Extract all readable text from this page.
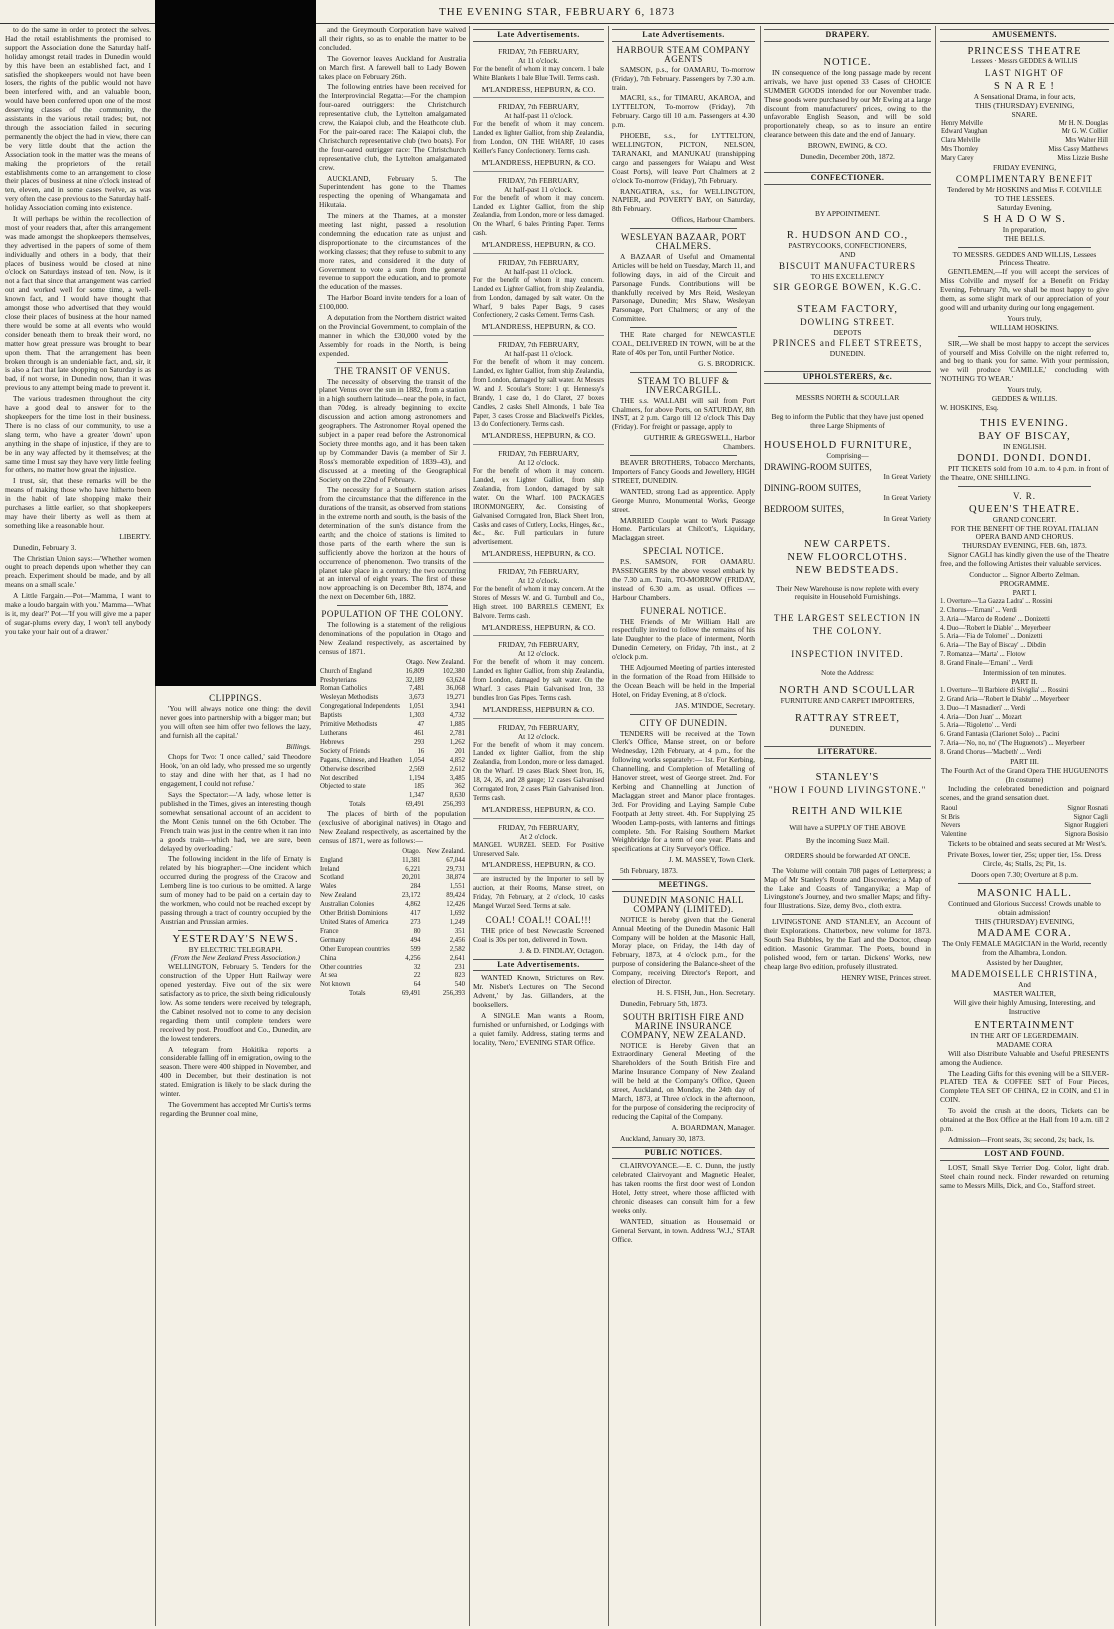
THE EVENING STAR, FEBRUARY 6, 1873

to do the same in order to protect the selves. Had the retail establishments the promised to support the Association done the Saturday half-holiday amongst retail trades in Dunedin would by this have been an established fact, and I satisfied the shopkeepers would not have been losers, the rights of the public would not have been interfered with, and an valuable boon, would have been conferred upon one of the most deserving classes of the community, the assistants in the various retail trades; but, not through the association failed in securing permanently the object the had in view, there can be very little doubt that the action the Association took in the matter was the means of making the proprietors of the retail establishments come to an arrangement to close their places of business at nine o'clock instead of ten, eleven, and in some cases twelve, as was very often the case previous to the Saturday half-holiday Association coming into existence.

It will perhaps be within the recollection of most of your readers that, after this arrangement was made amongst the shopkeepers themselves, they advertised in the papers of some of them individually and others in a body, that their places of business would be closed at nine o'clock on Saturdays instead of ten. Now, is it not a fact that since that arrangement was carried out and worked well for some time, a well-known fact, and I would have thought that amongst those who advertised that they would close their places of business at the hour named there would be some at all events who would consider beneath them to break their word, no matter how great pressure was brought to bear upon them. That the arrangement has been broken through is an undeniable fact, and, sir, it is also a fact that late shopping on Saturday is as bad, if not worse, in Dunedin now, than it was previous to any attempt being made to prevent it.

The various tradesmen throughout the city have a good deal to answer for to the shopkeepers for the time lost in their business. There is no class of our community, to use a slang term, who have a greater 'down' upon anything in the shape of injustice, if they are to be in any way affected by it themselves; at the same time I must say they have very little feeling for others, no matter how great the injustice.

I trust, sir, that these remarks will be the means of making those who have hitherto been in the habit of late shopping make their purchases a little earlier, so that shopkeepers may have their liberty as well as them at something like a reasonable hour.

LIBERTY.

Dunedin, February 3.

The Christian Union says:—'Whether women ought to preach depends upon whether they can preach. Experiment should be made, and by all means on a small scale.'

A Little Fargain.—Pot—'Mamma, I want to make a loudo bargain with you.' Mamma—'What is it, my dear?' Pot—'If you will give me a paper of sugar-plums every day, I won't tell anybody you take your hair out of a drawer.'

and the Greymouth Corporation have waived all their rights, so as to enable the matter to be concluded.

The Governor leaves Auckland for Australia on March first. A farewell ball to Lady Bowen takes place on February 26th.

The following entries have been received for the Interprovincial Regatta:—For the champion four-oared outriggers: the Christchurch representative club, the Lyttelton amalgamated crew, the Kaiapoi club, and the Heathcote club. For the pair-oared race: The Kaiapoi club, the Christchurch representative club (two boats). For the four-oared outrigger race: The Christchurch representative club, the Lyttelton amalgamated crew.

AUCKLAND, February 5. The Superintendent has gone to the Thames respecting the opening of Whangamata and Hikutaia.

The miners at the Thames, at a monster meeting last night, passed a resolution condemning the education rate as unjust and disproportionate to the circumstances of the working classes; that they refuse to submit to any more rates, and considered it the duty of Government to vote a sum from the general revenue to support the education, and to promote the education of the masses.

The Harbor Board invite tenders for a loan of £100,000.

A deputation from the Northern district waited on the Provincial Government, to complain of the manner in which the £30,000 voted by the Assembly for roads in the North, is being expended.

THE TRANSIT OF VENUS.

The necessity of observing the transit of the planet Venus over the sun in 1882, from a station in a high southern latitude—near the pole, in fact, than 70deg. is already beginning to excite discussion and action among astronomers and geographers. The Astronomer Royal opened the subject in a paper read before the Astronomical Society three months ago, and it has been taken up by Commander Davis (a member of Sir J. Ross's memorable expedition of 1839–43), and discussed at a meeting of the Geographical Society on the 22nd of February.

The necessity for a Southern station arises from the circumstance that the difference in the durations of the transit, as observed from stations in the extreme north and south, is the basis of the determination of the sun's distance from the earth; and the choice of stations is limited to those parts of the earth where the sun is sufficiently above the horizon at the hours of occurrence of phenomenon. Two transits of the planet take place in a century; the two occurring at an interval of eight years. The first of these now approaching is on December 8th, 1874, and the next on December 6th, 1882.

POPULATION OF THE COLONY.

The following is a statement of the religious denominations of the population in Otago and New Zealand respectively, as ascertained by census of 1871.

	Otago.	New Zealand.
Church of England	16,809	102,380
Presbyterians	32,189	63,624
Roman Catholics	7,481	36,068
Wesleyan Methodists	3,673	19,271
Congregational Independents	1,051	3,941
Baptists	1,303	4,732
Primitive Methodists	47	1,885
Lutherans	461	2,781
Hebrews	293	1,262
Society of Friends	16	201
Pagans, Chinese, and Heathen	1,054	4,852
Otherwise described	2,569	2,612
Not described	1,194	3,485
Objected to state	185	362
	1,347	8,630
Totals	69,491	256,393

The places of birth of the population (exclusive of aboriginal natives) in Otago and New Zealand respectively, as ascertained by the census of 1871, were as follows:—

	Otago.	New Zealand.
England	11,381	67,044
Ireland	6,221	29,731
Scotland	20,201	38,874
Wales	284	1,551
New Zealand	23,172	89,424
Australian Colonies	4,862	12,426
Other British Dominions	417	1,692
United States of America	273	1,249
France	80	351
Germany	494	2,456
Other European countries	599	2,582
China	4,256	2,641
Other countries	32	231
At sea	22	823
Not known	64	540
Totals	69,491	256,393
CLIPPINGS.

'You will always notice one thing: the devil never goes into partnership with a bigger man; but you will often see him offer two fellows the lazy, and furnish all the capital.'

Billings.

Chops for Two: 'I once called,' said Theodore Hook, 'on an old lady, who pressed me so urgently to stay and dine with her that, as I had no engagement, I could not refuse.'

Says the Spectator:—'A lady, whose letter is published in the Times, gives an interesting though somewhat sensational account of an accident to the Mont Cenis tunnel on the 6th October. The French train was just in the centre when it ran into a goods train—which had, we are sure, been delayed by overloading.'

The following incident in the life of Ernaty is related by his biographer:—One incident which occurred during the progress of the Cracow and Lemberg line is too curious to be omitted. A large sum of money had to be paid on a certain day to the workmen, who could not be reached except by passing through a tract of country occupied by the Austrian and Prussian armies.

YESTERDAY'S NEWS.
BY ELECTRIC TELEGRAPH.
(From the New Zealand Press Association.)

WELLINGTON, February 5. Tenders for the construction of the Upper Hutt Railway were opened yesterday. Five out of the six were satisfactory as to price, the sixth being ridiculously low. As some tenders were received by telegraph, the Cabinet resolved not to come to any decision regarding them until complete tenders were received by post. Proudfoot and Co., Dunedin, are the lowest tenderers.

A telegram from Hokitika reports a considerable falling off in emigration, owing to the season. There were 400 shipped in November, and 400 in December, but their destination is not stated. Emigration is likely to be slack during the winter.

The Government has accepted Mr Curtis's terms regarding the Brunner coal mine,

Late Advertisements.
FRIDAY, 7th FEBRUARY,
At 11 o'clock.

For the benefit of whom it may concern. 1 bale White Blankets 1 bale Blue Twill. Terms cash.

M'LANDRESS, HEPBURN, & CO.
FRIDAY, 7th FEBRUARY,
At half-past 11 o'clock.

For the benefit of whom it may concern. Landed ex lighter Galliot, from ship Zealandia, from London, ON THE WHARF, 10 cases Keiller's Fancy Confectionery. Terms cash.

M'LANDRESS, HEPBURN, & CO.
FRIDAY, 7th FEBRUARY,
At half-past 11 o'clock.

For the benefit of whom it may concern. Landed ex Lighter Galliot, from the ship Zealandia, from London, more or less damaged. On the Wharf, 6 bales Printing Paper. Terms cash.

M'LANDRESS, HEPBURN, & CO.
FRIDAY, 7th FEBRUARY,
At half-past 11 o'clock.

For the benefit of whom it may concern. Landed ex Lighter Galliot, from ship Zealandia, from London, damaged by salt water. On the Wharf, 9 bales Paper Bags, 9 cases Confectionery, 2 casks Cement. Terms Cash.

M'LANDRESS, HEPBURN, & CO.
FRIDAY, 7th FEBRUARY,
At half-past 11 o'clock.

For the benefit of whom it may concern. Landed, ex lighter Galliot, from ship Zealandia, from London, damaged by salt water. At Messrs W. and J. Scoular's Store: 1 qr. Hennessy's Brandy, 1 case do, 1 do Claret, 27 boxes Candles, 2 casks Shell Almonds, 1 bale Tea Paper, 3 cases Crosse and Blackwell's Pickles, 13 do Confectionery. Terms cash.

M'LANDRESS, HEPBURN, & CO.
FRIDAY, 7th FEBRUARY,
At 12 o'clock.

For the benefit of whom it may concern. Landed, ex Lighter Galliot, from ship Zealandia, from London, damaged by salt water. On the Wharf. 100 PACKAGES IRONMONGERY, &c. Consisting of Galvanised Corrugated Iron, Black Sheet Iron, Casks and cases of Cutlery, Locks, Hinges, &c., &c., &c. Full particulars in future advertisement.

M'LANDRESS, HEPBURN, & CO.
FRIDAY, 7th FEBRUARY,
At 12 o'clock.

For the benefit of whom it may concern. At the Stores of Messrs W. and G. Turnbull and Co., High street. 100 BARRELS CEMENT, Ex Balvore. Terms cash.

M'LANDRESS, HEPBURN, & CO.
FRIDAY, 7th FEBRUARY,
At 12 o'clock.

For the benefit of whom it may concern. Landed ex lighter Galliot, from ship Zealandia, from London, damaged by salt water. On the Wharf. 3 cases Plain Galvanised Iron, 33 bundles Iron Gas Pipes. Terms cash.

M'LANDRESS, HEPBURN & CO.
FRIDAY, 7th FEBRUARY,
At 12 o'clock.

For the benefit of whom it may concern. Landed ex lighter Galliot, from the ship Zealandia, from London, more or less damaged. On the Wharf. 19 cases Black Sheet Iron, 16, 18, 24, 26, and 28 gauge; 12 cases Galvanised Corrugated Iron, 2 cases Plain Galvanised Iron. Terms cash.

M'LANDRESS, HEPBURN, & CO.
FRIDAY, 7th FEBRUARY,
At 2 o'clock.

MANGEL WURZEL SEED. For Positive Unreserved Sale.

M'LANDRESS, HEPBURN, & CO.

are instructed by the Importer to sell by auction, at their Rooms, Manse street, on Friday, 7th February, at 2 o'clock, 10 casks Mangel Wurzel Seed. Terms at sale.

COAL! COAL!! COAL!!!

THE price of best Newcastle Screened Coal is 30s per ton, delivered in Town.

J. & D. FINDLAY, Octagon.

Late Advertisements.

WANTED Known, Strictures on Rev. Mr. Nisbet's Lectures on 'The Second Advent,' by Jas. Gillanders, at the booksellers.

A SINGLE Man wants a Room, furnished or unfurnished, or Lodgings with a quiet family. Address, stating terms and locality, 'Nero,' EVENING STAR Office.

Late Advertisements.
HARBOUR STEAM COMPANY AGENTS

SAMSON, p.s., for OAMARU, To-morrow (Friday), 7th February. Passengers by 7.30 a.m. train.

MACRI, s.s., for TIMARU, AKAROA, and LYTTELTON, To-morrow (Friday), 7th February. Cargo till 10 a.m. Passengers at 4.30 p.m.

PHOEBE, s.s., for LYTTELTON, WELLINGTON, PICTON, NELSON, TARANAKI, and MANUKAU (transhipping cargo and passengers for Waiapu and West Coast Ports), will leave Port Chalmers at 2 o'clock To-morrow (Friday), 7th February.

RANGATIRA, s.s., for WELLINGTON, NAPIER, and POVERTY BAY, on Saturday, 8th February.

Offices, Harbour Chambers.

WESLEYAN BAZAAR, PORT CHALMERS.

A BAZAAR of Useful and Ornamental Articles will be held on Tuesday, March 11, and following days, in aid of the Circuit and Parsonage Funds. Contributions will be thankfully received by Mrs Reid, Wesleyan Parsonage, Dunedin; Mrs Shaw, Wesleyan Parsonage, Port Chalmers; or any of the Committee.

THE Rate charged for NEWCASTLE COAL, DELIVERED IN TOWN, will be at the Rate of 40s per Ton, until Further Notice.

G. S. BRODRICK.

STEAM TO BLUFF & INVERCARGILL.

THE s.s. WALLABI will sail from Port Chalmers, for above Ports, on SATURDAY, 8th INST, at 2 p.m. Cargo till 12 o'clock This Day (Friday). For freight or passage, apply to

GUTHRIE & GREGSWELL, Harbor Chambers.

BEAVER BROTHERS, Tobacco Merchants, Importers of Fancy Goods and Jewellery, HIGH STREET, DUNEDIN.

WANTED, strong Lad as apprentice. Apply George Munro, Monumental Works, George street.

MARRIED Couple want to Work Passage Home. Particulars at Chilcott's, Liquidary, Maclaggan street.

SPECIAL NOTICE.

P.S. SAMSON, FOR OAMARU. PASSENGERS by the above vessel embark by the 7.30 a.m. Train, TO-MORROW (FRIDAY, instead of 6.30 a.m. as usual. Offices — Harbour Chambers.

FUNERAL NOTICE.

THE Friends of Mr William Hall are respectfully invited to follow the remains of his late Daughter to the place of interment, North Dunedin Cemetery, on Friday, 7th inst., at 2 o'clock p.m.

THE Adjourned Meeting of parties interested in the formation of the Road from Hillside to the Ocean Beach will be held in the Imperial Hotel, on Friday Evening, at 8 o'clock.

JAS. M'INDOE, Secretary.

CITY OF DUNEDIN.

TENDERS will be received at the Town Clerk's Office, Manse street, on or before Wednesday, 12th February, at 4 p.m., for the following works separately:— 1st. For Kerbing, Channelling, and Completion of Metalling of Hanover street, west of George street. 2nd. For Kerbing and Channelling at Junction of Maclaggan street and Manor place frontages. 3rd. For Providing and Laying Sample Cube Footpath at Jetty street. 4th. For Supplying 25 Wooden Lamp-posts, with lanterns and fittings complete. 5th. For Raising Southern Market Weighbridge for a term of one year. Plans and specifications at City Surveyor's Office.

J. M. MASSEY, Town Clerk.

5th February, 1873.

MEETINGS.
DUNEDIN MASONIC HALL COMPANY (LIMITED).

NOTICE is hereby given that the General Annual Meeting of the Dunedin Masonic Hall Company will be holden at the Masonic Hall, Moray place, on Friday, the 14th day of February, 1873, at 4 o'clock p.m., for the purpose of considering the Balance-sheet of the Company, receiving Director's Report, and election of Director.

H. S. FISH, Jun., Hon. Secretary.

Dunedin, February 5th, 1873.

SOUTH BRITISH FIRE AND MARINE INSURANCE COMPANY, NEW ZEALAND.

NOTICE is Hereby Given that an Extraordinary General Meeting of the Shareholders of the South British Fire and Marine Insurance Company of New Zealand will be held at the Company's Office, Queen street, Auckland, on Monday, the 24th day of March, 1873, at Three o'clock in the afternoon, for the purpose of considering the reciprocity of reducing the Capital of the Company.

A. BOARDMAN, Manager.

Auckland, January 30, 1873.

PUBLIC NOTICES.

CLAIRVOYANCE.—E. C. Dunn, the justly celebrated Clairvoyant and Magnetic Healer, has taken rooms the first door west of London Hotel, Jetty street, where those afflicted with chronic diseases can consult him for a few weeks only.

WANTED, situation as Housemaid or General Servant, in town. Address 'W.J.,' STAR Office.

DRAPERY.
NOTICE.

IN consequence of the long passage made by recent arrivals, we have just opened 33 Cases of CHOICE SUMMER GOODS intended for our November trade. These goods were purchased by our Mr Ewing at a large discount from manufacturers' prices, owing to the unfavorable English Season, and will be sold proportionately cheap, so as to insure an entire clearance between this date and the end of January.

BROWN, EWING, & CO.

Dunedin, December 20th, 1872.

CONFECTIONER.
BY APPOINTMENT.
R. HUDSON AND CO.,
PASTRYCOOKS, CONFECTIONERS,
AND
BISCUIT MANUFACTURERS
TO HIS EXCELLENCY
SIR GEORGE BOWEN, K.G.C.
STEAM FACTORY,
DOWLING STREET.
DEPOTS
PRINCES and FLEET STREETS,
DUNEDIN.
UPHOLSTERERS, &c.
MESSRS NORTH & SCOULLAR

Beg to inform the Public that they have just opened three Large Shipments of

HOUSEHOLD FURNITURE,
Comprising—
DRAWING-ROOM SUITES,
In Great Variety
DINING-ROOM SUITES,
In Great Variety
BEDROOM SUITES,
In Great Variety
NEW CARPETS.
NEW FLOORCLOTHS.
NEW BEDSTEADS.

Their New Warehouse is now replete with every requisite in Household Furnishings.

THE LARGEST SELECTION IN THE COLONY.
INSPECTION INVITED.
Note the Address:
NORTH AND SCOULLAR
FURNITURE AND CARPET IMPORTERS,
RATTRAY STREET,
DUNEDIN.
LITERATURE.
STANLEY'S
"HOW I FOUND LIVINGSTONE."
REITH AND WILKIE
Will have a SUPPLY OF THE ABOVE
By the incoming Suez Mail.
ORDERS should be forwarded AT ONCE.

The Volume will contain 708 pages of Letterpress; a Map of Mr Stanley's Route and Discoveries; a Map of the Lake and Coasts of Tanganyika; a Map of Livingstone's Journey, and two smaller Maps; and fifty-four Illustrations. Size, demy 8vo., cloth extra.

LIVINGSTONE AND STANLEY, an Account of their Explorations. Chatterbox, new volume for 1873. South Sea Bubbles, by the Earl and the Doctor, cheap edition. Masonic Grammar. The Poets, bound in polished wood, fern or tartan. Dickens' Works, new cheap large 8vo edition, profusely illustrated.

HENRY WISE, Princes street.

AMUSEMENTS.
PRINCESS THEATRE
Lessees · Messrs GEDDES & WILLIS
LAST NIGHT OF
S N A R E !
A Sensational Drama, in four acts,
THIS (THURSDAY) EVENING,
SNARE.
Henry Melville	Mr H. N. Douglas
Edward Vaughan	Mr G. W. Collier
Clara Melville	Mrs Walter Hill
Mrs Thornley	Miss Cassy Matthews
Mary Carey	Miss Lizzie Bushe
FRIDAY EVENING,
COMPLIMENTARY BENEFIT
Tendered by Mr HOSKINS and Miss F. COLVILLE
TO THE LESSEES.
Saturday Evening,
S H A D O W S.
In preparation,
THE BELLS.
TO MESSRS. GEDDES AND WILLIS, Lessees Princess Theatre.

GENTLEMEN,—If you will accept the services of Miss Colville and myself for a Benefit on Friday Evening, February 7th, we shall be most happy to give them, as some slight mark of our appreciation of your good will and urbanity during our long engagement.

Yours truly,
WILLIAM HOSKINS.

SIR,—We shall be most happy to accept the services of yourself and Miss Colville on the night referred to, and beg to thank you for same. With your permission, we will produce 'CAMILLE,' concluding with 'NOTHING TO WEAR.'

Yours truly,
GEDDES & WILLIS.
W. HOSKINS, Esq.
THIS EVENING.
BAY OF BISCAY,
IN ENGLISH.
DONDI. DONDI. DONDI.

PIT TICKETS sold from 10 a.m. to 4 p.m. in front of the Theatre, ONE SHILLING.

V. R.
QUEEN'S THEATRE.
GRAND CONCERT.
FOR THE BENEFIT OF THE ROYAL ITALIAN OPERA BAND AND CHORUS.
THURSDAY EVENING, FEB. 6th, 1873.

Signor CAGLI has kindly given the use of the Theatre free, and the following Artistes their valuable services.

Conductor ... Signor Alberto Zelman.
PROGRAMME.
PART I.
1. Overture—'La Gazza Ladra' ... Rossini
2. Chorus—'Ernani' ... Verdi
3. Aria—'Marco de Rodene' ... Donizetti
4. Duo—'Robert le Diable' ... Meyerbeer
5. Aria—'Fia de Tolomei' ... Donizetti
6. Aria—'The Bay of Biscay' ... Dibdin
7. Romanza—'Marta' ... Flotow
8. Grand Finale—'Ernani' ... Verdi
Intermission of ten minutes.
PART II.
1. Overture—'Il Barbiere di Siviglia' ... Rossini
2. Grand Aria—'Robert le Diable' ... Meyerbeer
3. Duo—'I Masnadieri' ... Verdi
4. Aria—'Don Juan' ... Mozart
5. Aria—'Rigoletto' ... Verdi
6. Grand Fantasia (Clarionet Solo) ... Pacini
7. Aria—'No, no, no' ('The Huguenots') ... Meyerbeer
8. Grand Chorus—'Macbeth' ... Verdi
PART III.
The Fourth Act of the Grand Opera THE HUGUENOTS (In costume)

Including the celebrated benediction and poignard scenes, and the grand sensation duet.

Raoul	Signor Rosnati
St Bris	Signor Cagli
Nevers	Signor Ruggieri
Valentine	Signora Bosisio

Tickets to be obtained and seats secured at Mr West's.

Private Boxes, lower tier, 25s; upper tier, 15s. Dress Circle, 4s; Stalls, 2s; Pit, 1s.

Doors open 7.30; Overture at 8 p.m.

MASONIC HALL.
Continued and Glorious Success! Crowds unable to obtain admission!
THIS (THURSDAY) EVENING,
MADAME CORA.

The Only FEMALE MAGICIAN in the World, recently from the Alhambra, London.

Assisted by her Daughter,
MADEMOISELLE CHRISTINA,
And
MASTER WALTER,

Will give their highly Amusing, Interesting, and Instructive

ENTERTAINMENT
IN THE ART OF LEGERDEMAIN.
MADAME CORA

Will also Distribute Valuable and Useful PRESENTS among the Audience.

The Leading Gifts for this evening will be a SILVER-PLATED TEA & COFFEE SET of Four Pieces, Complete TEA SET OF CHINA, £2 in COIN, and £1 in COIN.

To avoid the crush at the doors, Tickets can be obtained at the Box Office at the Hall from 10 a.m. till 2 p.m.

Admission—Front seats, 3s; second, 2s; back, 1s.

LOST AND FOUND.

LOST, Small Skye Terrier Dog. Color, light drab. Steel chain round neck. Finder rewarded on returning same to Messrs Mills, Dick, and Co., Stafford street.
